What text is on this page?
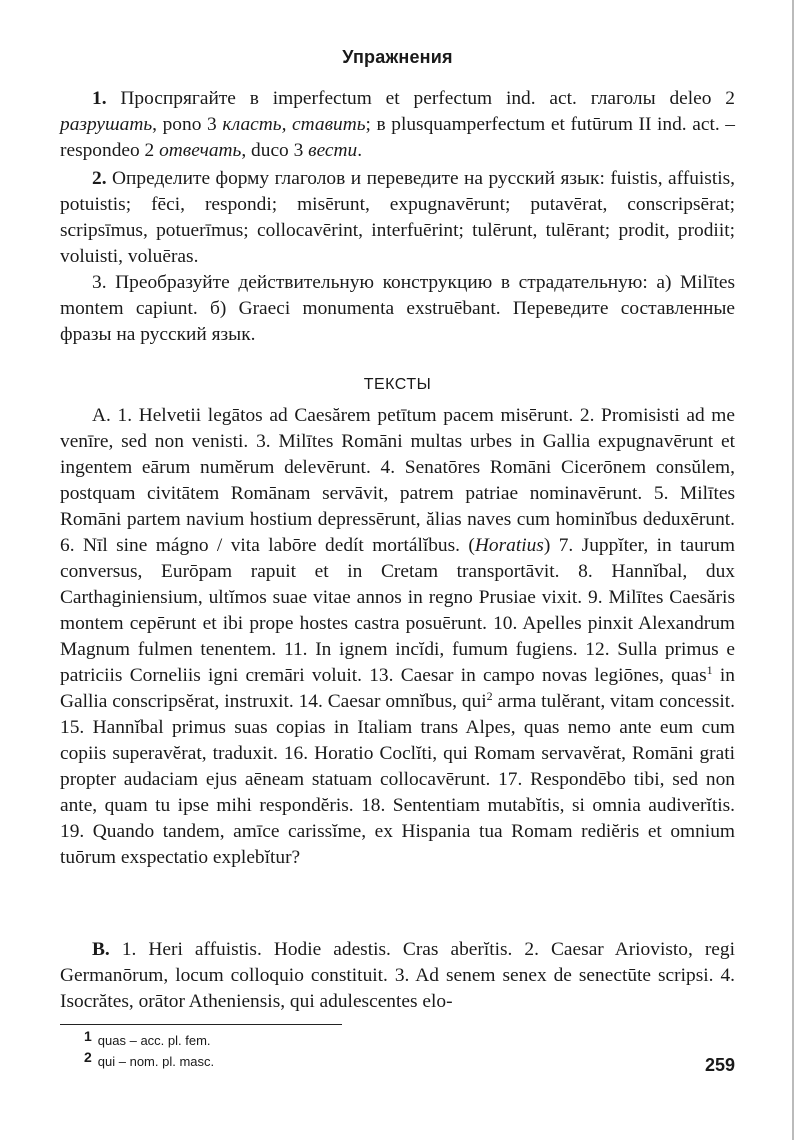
Упражнения
1. Проспрягайте в imperfectum et perfectum ind. act. глаголы deleo 2 разрушать, pono 3 класть, ставить; в plusquamperfectum et futūrum II ind. act. – respondeo 2 отвечать, duco 3 вести.
2. Определите форму глаголов и переведите на русский язык: fuistis, affuistis, potuistis; fēci, respondi; misērunt, expugnavērunt; putavērat, conscripsērat; scripsīmus, potuerīmus; collocavērint, interfuērint; tulērunt, tulērant; prodit, prodiit; voluisti, voluēras.
3. Преобразуйте действительную конструкцию в страдательную: а) Milītes montem capiunt. б) Graeci monumenta exstruēbant. Переведите составленные фразы на русский язык.
ТЕКСТЫ
A. 1. Helvetii legātos ad Caesărem petītum pacem misērunt. 2. Promisisti ad me venīre, sed non venisti. 3. Milītes Romāni multas urbes in Gallia expugnavērunt et ingentem eārum numĕrum delevērunt. 4. Senatōres Romāni Cicerōnem consŭlem, postquam civitātem Romānam servāvit, patrem patriae nominavērunt. 5. Milītes Romāni partem navium hostium depressērunt, ălias naves cum hominĭbus deduxērunt. 6. Nīl sine mágno / vita labōre dedít mortálĭbus. (Horatius) 7. Juppĭter, in taurum conversus, Eurōpam rapuit et in Cretam transportāvit. 8. Hannĭbal, dux Carthaginiensium, ultĭmos suae vitae annos in regno Prusiae vixit. 9. Milītes Caesăris montem cepērunt et ibi prope hostes castra posuērunt. 10. Apelles pinxit Alexandrum Magnum fulmen tenentem. 11. In ignem incĭdi, fumum fugiens. 12. Sulla primus e patriciis Corneliis igni cremāri voluit. 13. Caesar in campo novas legiōnes, quas$^1$ in Gallia conscripsĕrat, instruxit. 14. Caesar omnĭbus, qui$^2$ arma tulĕrant, vitam concessit. 15. Hannĭbal primus suas copias in Italiam trans Alpes, quas nemo ante eum cum copiis superavĕrat, traduxit. 16. Horatio Coclĭti, qui Romam servavĕrat, Romāni grati propter audaciam ejus aēneam statuam collocavērunt. 17. Respondēbo tibi, sed non ante, quam tu ipse mihi respondĕris. 18. Sententiam mutabĭtis, si omnia audiverĭtis. 19. Quando tandem, amīce carissĭme, ex Hispania tua Romam rediĕris et omnium tuōrum exspectatio explebĭtur?
B. 1. Heri affuistis. Hodie adestis. Cras aberĭtis. 2. Caesar Ariovisto, regi Germanōrum, locum colloquio constituit. 3. Ad senem senex de senectūte scripsi. 4. Isocrătes, orātor Atheniensis, qui adulescentes elo-
1 quas – acc. pl. fem.
2 qui – nom. pl. masc.	259
